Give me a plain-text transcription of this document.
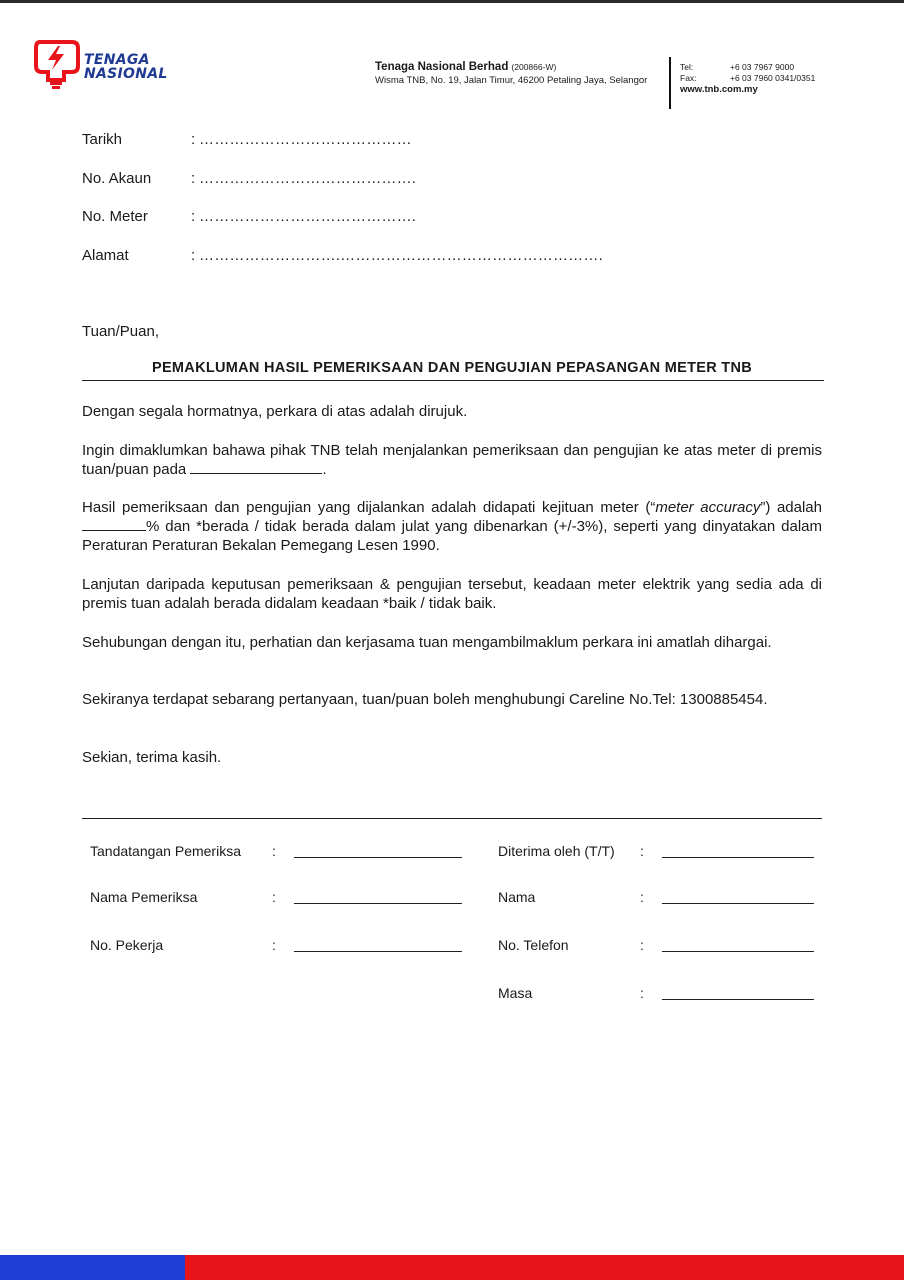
TENAGA
NASIONAL	Tenaga Nasional Berhad (200866-W)
Wisma TNB, No. 19, Jalan Timur, 46200 Petaling Jaya, Selangor
Tel:	+6 03 7967 9000
Fax:	+6 03 7960 0341/0351
www.tnb.com.my
Tarikh	: ……………………………………
No. Akaun	: …………………………………….
No. Meter	: …………………………………….
Alamat	: ……………………….…………………………………………….
Tuan/Puan,
PEMAKLUMAN HASIL PEMERIKSAAN DAN PENGUJIAN PEPASANGAN METER TNB
Dengan segala hormatnya, perkara di atas adalah dirujuk.
Ingin dimaklumkan bahawa pihak TNB telah menjalankan pemeriksaan dan pengujian ke atas meter di premis tuan/puan pada	.
Hasil pemeriksaan dan pengujian yang dijalankan adalah didapati kejituan meter (“meter accuracy”) adalah % dan *berada / tidak berada dalam julat yang dibenarkan (+/-3%), seperti yang dinyatakan dalam Peraturan Peraturan Bekalan Pemegang Lesen 1990.
Lanjutan daripada keputusan pemeriksaan & pengujian tersebut, keadaan meter elektrik yang sedia ada di premis tuan adalah berada didalam keadaan *baik / tidak baik.
Sehubungan dengan itu, perhatian dan kerjasama tuan mengambilmaklum perkara ini amatlah dihargai.
Sekiranya terdapat sebarang pertanyaan, tuan/puan boleh menghubungi Careline No.Tel: 1300885454.
Sekian, terima kasih.
Tandatangan Pemeriksa :
Nama Pemeriksa	:
No. Pekerja	:
Diterima oleh (T/T) :
Nama	:
No. Telefon	:
Masa	:
